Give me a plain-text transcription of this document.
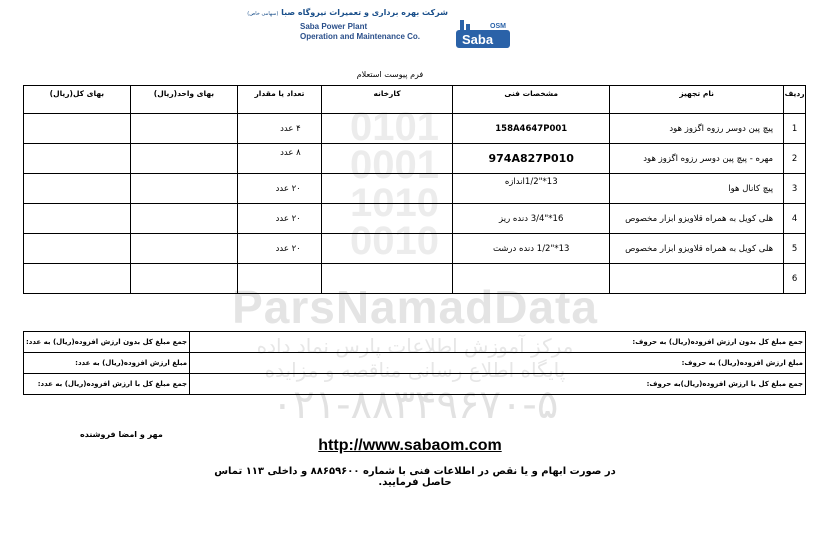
0101
0001
1010
0010
ParsNamadData
مرکز آموزش اطلاعات پارس نماد داده
پایگاه اطلاع رسانی مناقصه و مزایده
۰۲۱-۸۸۳۴۹۶۷۰-۵
شرکت بهره برداری و تعمیرات نیروگاه صبا (سهامی خاص)
Saba Power Plant
Operation and Maintenance Co.
OSM
Saba
فرم پیوست استعلام
ردیف	نام تجهیز	مشخصات فنی	کارخانه	تعداد یا مقدار	بهای واحد(ریال)	بهای کل(ریال)
1	پیچ پین دوسر رزوه اگزوز هود	158A4647P001		۴ عدد		
2	مهره - پیچ پین دوسر رزوه اگزوز هود	974A827P010		۸ عدد		
3	پیچ کانال هوا	13*"1/2اندازه		۲۰ عدد		
4	هلی کویل به همراه قلاویزو ابزار مخصوص	16*"3/4 دنده ریز		۲۰ عدد		
5	هلی کویل به همراه قلاویزو ابزار مخصوص	13*"1/2 دنده درشت		۲۰ عدد		
6						
جمع مبلغ کل بدون ارزش افزوده(ریال) به حروف:	جمع مبلغ کل بدون ارزش افزوده(ریال) به عدد:
مبلغ ارزش افزوده(ریال) به حروف:	مبلغ ارزش افزوده(ریال) به عدد:
جمع مبلغ کل با ارزش افزوده(ریال)به حروف:	جمع مبلغ کل با ارزش افزوده(ریال) به عدد:
مهر و امضا فروشنده
http://www.sabaom.com
در صورت ابهام و یا نقص در اطلاعات فنی با شماره ۸۸۶۵۹۶۰۰ و داخلی ۱۱۳ تماس حاصل فرمایید.
